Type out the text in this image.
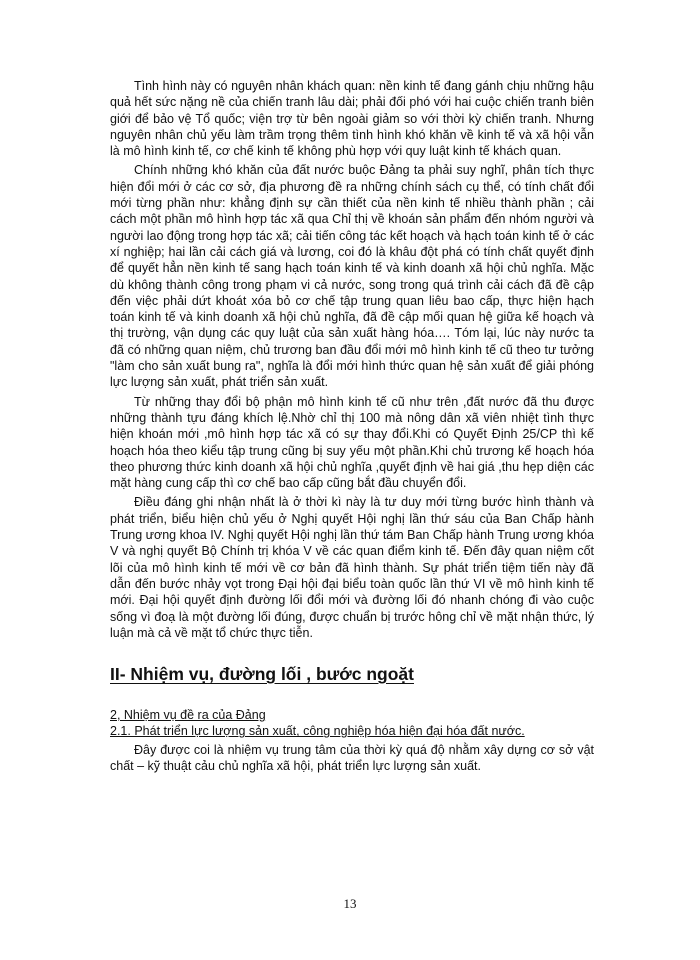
Tình hình này có nguyên nhân khách quan: nền kinh tế đang gánh chịu những hậu quả hết sức nặng nề của chiến tranh lâu dài; phải đối phó với hai cuộc chiến tranh biên giới để bảo vệ Tổ quốc; viện trợ từ bên ngoài giảm so với thời kỳ chiến tranh. Nhưng nguyên nhân chủ yếu làm trầm trọng thêm tình hình khó khăn về kinh tế và xã hội vẫn là mô hình kinh tế, cơ chế kinh tế không phù hợp với quy luật kinh tế khách quan.

Chính những khó khăn của đất nước buộc Đảng ta phải suy nghĩ, phân tích thực hiện đổi mới ở các cơ sở, địa phương đề ra những chính sách cụ thể, có tính chất đổi mới từng phần như: khẳng định sự cần thiết của nền kinh tế nhiều thành phần ; cải cách một phần mô hình hợp tác xã qua Chỉ thị về khoán sản phẩm đến nhóm người và người lao động trong hợp tác xã; cải tiến công tác kết hoạch và hạch toán kinh tế ở các xí nghiệp; hai lần cải cách giá và lương, coi đó là khâu đột phá có tính chất quyết định để quyết hẳn nền kinh tế sang hạch toán kinh tế và kinh doanh xã hội chủ nghĩa. Mặc dù không thành công trong phạm vi cả nước, song trong quá trình cải cách đã đề cập đến việc phải dứt khoát xóa bỏ cơ chế tập trung quan liêu bao cấp, thực hiện hạch toán kinh tế và kinh doanh xã hội chủ nghĩa, đã đề cập mối quan hệ giữa kế hoạch và thị trường, vận dụng các quy luật của sản xuất hàng hóa…. Tóm lại, lúc này nước ta đã có những quan niệm, chủ trương ban đầu đổi mới mô hình kinh tế cũ theo tư tưởng "làm cho sản xuất bung ra", nghĩa là đổi mới hình thức quan hệ sản xuất để giải phóng lực lượng sản xuất, phát triển sản xuất.

Từ những thay đổi bộ phận mô hình kinh tế cũ như trên ,đất nước đã thu được những thành tựu đáng khích lệ.Nhờ chỉ thị 100 mà nông dân xã viên nhiệt tình thực hiện khoán mới ,mô hình hợp tác xã có sự thay đổi.Khi có Quyết Định 25/CP thì kế hoạch hóa theo kiểu tập trung cũng bị suy yếu một phần.Khi chủ trương kế hoạch hóa theo phương thức kinh doanh xã hội chủ nghĩa ,quyết định về hai giá ,thu hẹp diện các mặt hàng cung cấp thì cơ chế bao cấp cũng bắt đầu chuyển đổi.

Điều đáng ghi nhận nhất là ở thời kì này là tư duy mới từng bước hình thành và phát triển, biểu hiện chủ yếu ở Nghị quyết Hội nghị lần thứ sáu của Ban Chấp hành Trung ương khoa IV. Nghị quyết Hội nghị lần thứ tám Ban Chấp hành Trung ương khóa V và nghị quyết Bộ Chính trị khóa V về các quan điểm kinh tế. Đến đây quan niệm cốt lõi của mô hình kinh tế mới về cơ bản đã hình thành. Sự phát triển tiệm tiến này đã dẫn đến bước nhảy vọt trong Đại hội đại biểu toàn quốc lần thứ VI về mô hình kinh tế mới. Đại hội quyết định đường lối đổi mới và đường lối đó nhanh chóng đi vào cuộc sống vì đoạ là một đường lối đúng, được chuẩn bị trước hông chỉ về mặt nhận thức, lý luận mà cả về mặt tổ chức thực tiễn.

II- Nhiệm vụ, đường lối , bước ngoặt
2, Nhiệm vụ đề ra của Đảng
2.1. Phát triển lực lượng sản xuất, công nghiệp hóa hiện đại hóa đất nước.

Đây được coi là nhiệm vụ trung tâm của thời kỳ quá độ nhằm xây dựng cơ sở vật chất – kỹ thuật cảu chủ nghĩa xã hội, phát triển lực lượng sản xuất.

13
